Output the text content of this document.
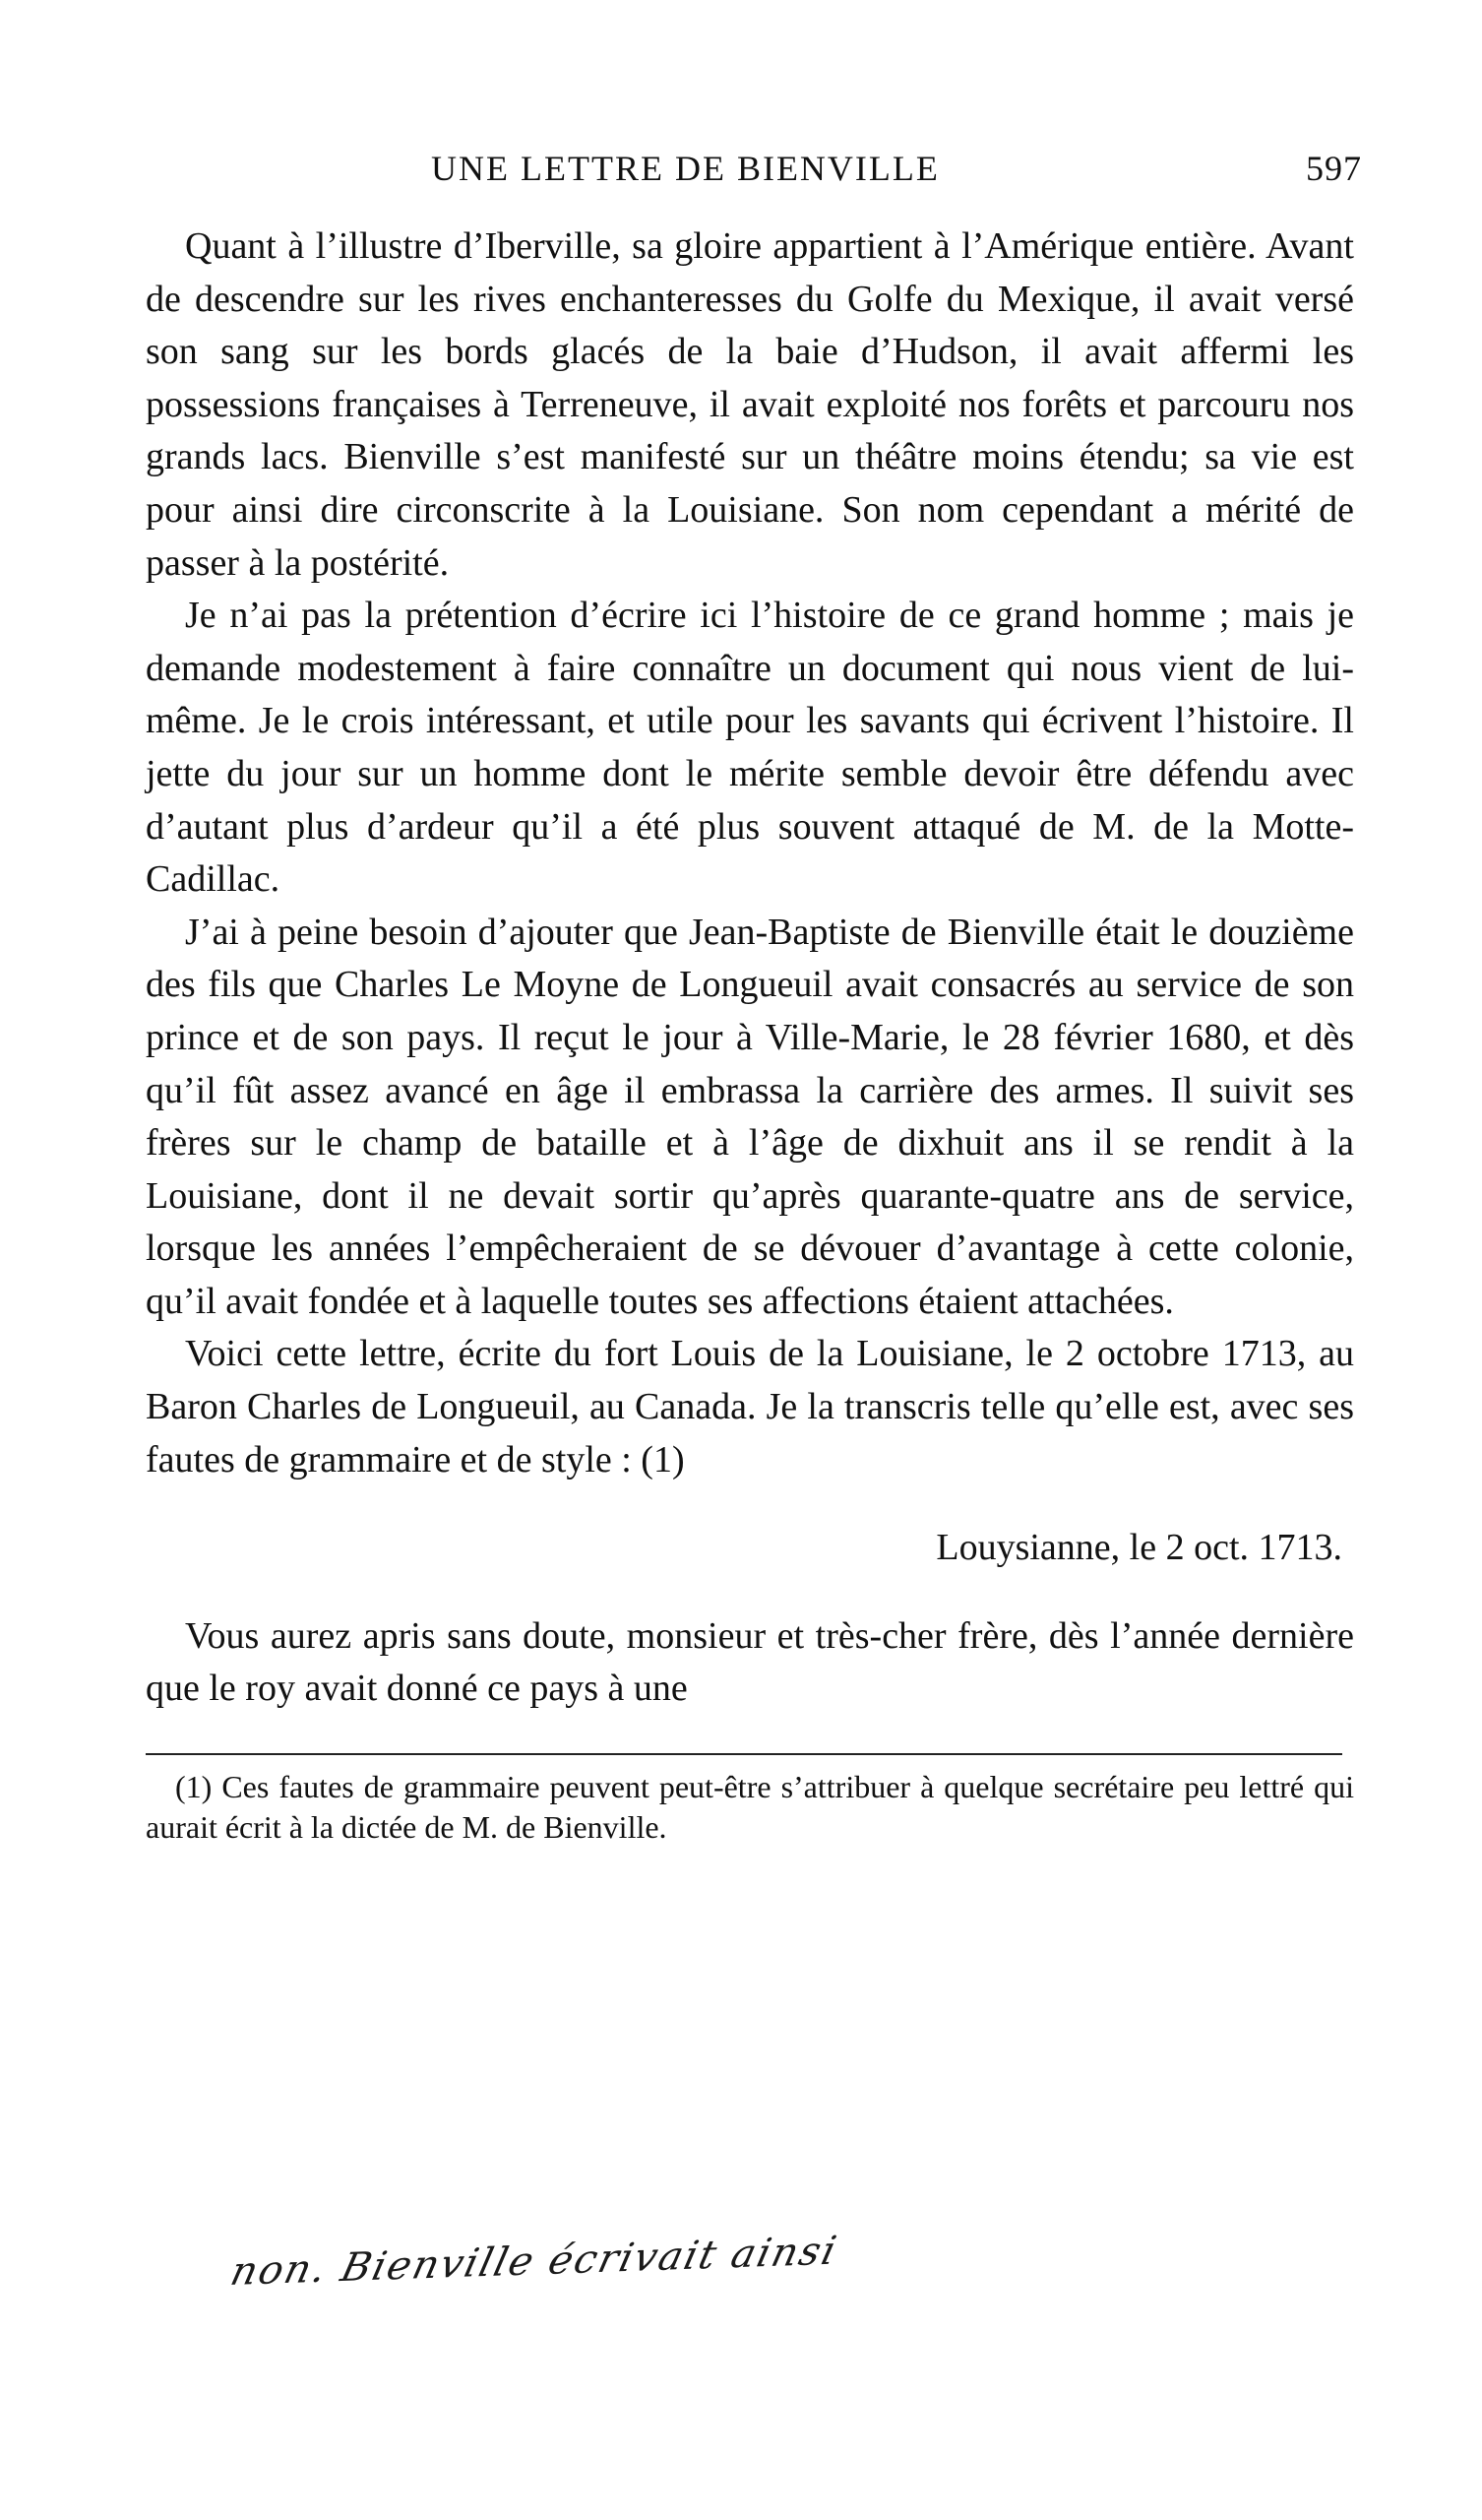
UNE LETTRE DE BIENVILLE	597

Quant à l’illustre d’Iberville, sa gloire appartient à l’Amérique entière. Avant de descendre sur les rives enchanteresses du Golfe du Mexique, il avait versé son sang sur les bords glacés de la baie d’Hudson, il avait affermi les possessions françaises à Terreneuve, il avait exploité nos forêts et parcouru nos grands lacs. Bienville s’est manifesté sur un théâtre moins étendu; sa vie est pour ainsi dire circonscrite à la Louisiane. Son nom cependant a mérité de passer à la postérité.

Je n’ai pas la prétention d’écrire ici l’histoire de ce grand homme ; mais je demande modestement à faire connaître un document qui nous vient de lui-même. Je le crois intéressant, et utile pour les savants qui écrivent l’histoire. Il jette du jour sur un homme dont le mérite semble devoir être défendu avec d’autant plus d’ardeur qu’il a été plus souvent attaqué de M. de la Motte-Cadillac.

J’ai à peine besoin d’ajouter que Jean-Baptiste de Bienville était le douzième des fils que Charles Le Moyne de Longueuil avait consacrés au service de son prince et de son pays. Il reçut le jour à Ville-Marie, le 28 février 1680, et dès qu’il fût assez avancé en âge il embrassa la carrière des armes. Il suivit ses frères sur le champ de bataille et à l’âge de dixhuit ans il se rendit à la Louisiane, dont il ne devait sortir qu’après quarante-quatre ans de service, lorsque les années l’empêcheraient de se dévouer d’avantage à cette colonie, qu’il avait fondée et à laquelle toutes ses affections étaient attachées.

Voici cette lettre, écrite du fort Louis de la Louisiane, le 2 octobre 1713, au Baron Charles de Longueuil, au Canada. Je la transcris telle qu’elle est, avec ses fautes de grammaire et de style : (1)

Louysianne, le 2 oct. 1713.

Vous aurez apris sans doute, monsieur et très-cher frère, dès l’année dernière que le roy avait donné ce pays à une

(1) Ces fautes de grammaire peuvent peut-être s’attribuer à quelque secrétaire peu lettré qui aurait écrit à la dictée de M. de Bienville.

non. Bienville écrivait ainsi
